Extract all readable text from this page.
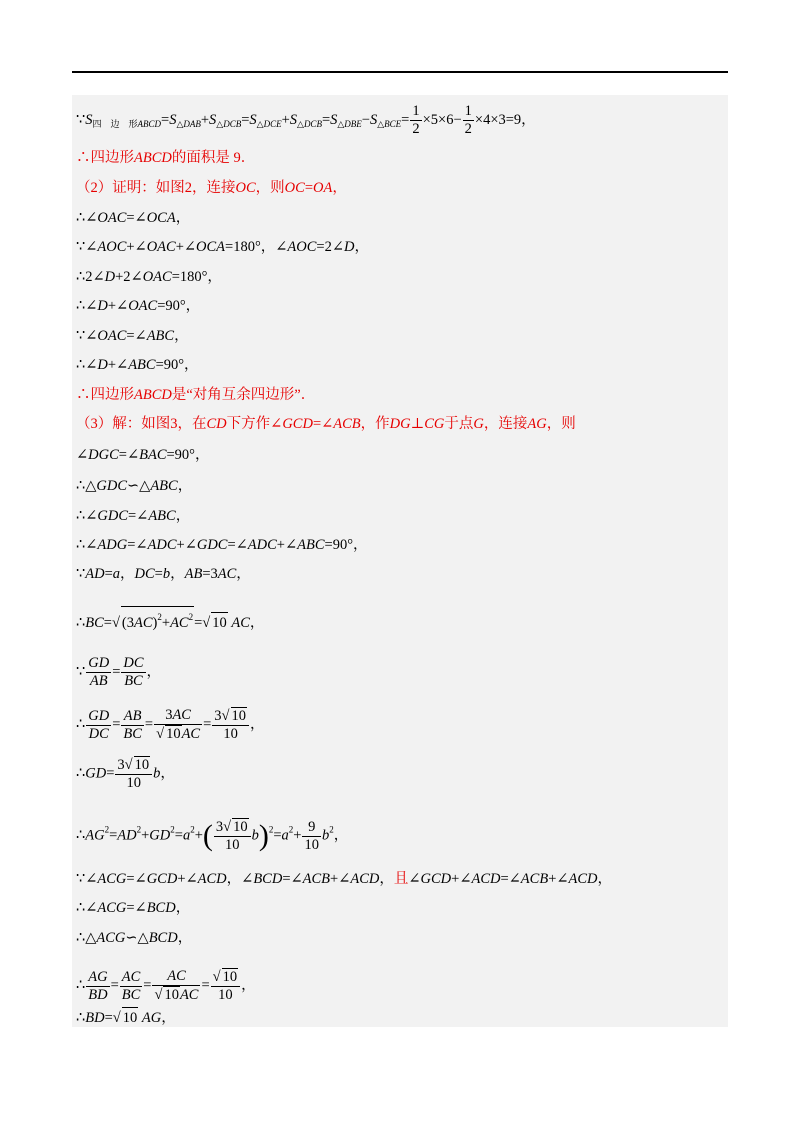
$\because S_{四 边 形ABCD}=S_{\triangle DAB}+S_{\triangle DCB}=S_{\triangle DCE}+S_{\triangle DCB}=S_{\triangle DBE}-S_{\triangle BCE}= \frac{1}{2} \times 5\times 6- \frac{1}{2} \times 4\times 3=9$，
∴四边形ABCD的面积是 9．
（2）证明：如图2，连接OC，则OC=OA，
∴∠OAC=∠OCA，
∵∠AOC+∠OAC+∠OCA=180°，∠AOC=2∠D，
∴2∠D+2∠OAC=180°，
∴∠D+∠OAC=90°，
∵∠OAC=∠ABC，
∴∠D+∠ABC=90°，
∴四边形ABCD是“对角互余四边形”．
（3）解：如图3，在CD下方作∠GCD=∠ACB，作DG⊥CG于点G，连接AG，则
∠DGC=∠BAC=90°，
∴△GDC∽△ABC，
∴∠GDC=∠ABC，
∴∠ADG=∠ADC+∠GDC=∠ADC+∠ABC=90°，
∵AD=a，DC=b，AB=3AC，
∴BC=√ $(3AC)^2+AC^2=√$ 10 AC，
∵ $\frac{GD}{AB} = \frac{DC}{BC}$ ，
∴ $\frac{GD}{DC} = \frac{AB}{BC} = \frac{3AC}{√ 10AC} = \frac{3√ 10}{10}$ ，
∴GD= $\frac{3√ 10}{10}$ b，
$\therefore AG^2=AD^2+GD^2=a^2+( \frac{3√ 10}{10} b)^2=a^2+ \frac{9}{10} b^2$，
∵∠ACG=∠GCD+∠ACD，∠BCD=∠ACB+∠ACD，且∠GCD+∠ACD=∠ACB+∠ACD，
∴∠ACG=∠BCD，
∴△ACG∽△BCD，
∴ $\frac{AG}{BD} = \frac{AC}{BC} = \frac{AC}{√ 10AC} = \frac{√ 10}{10}$ ，
∴BD=√ 10 AG，
